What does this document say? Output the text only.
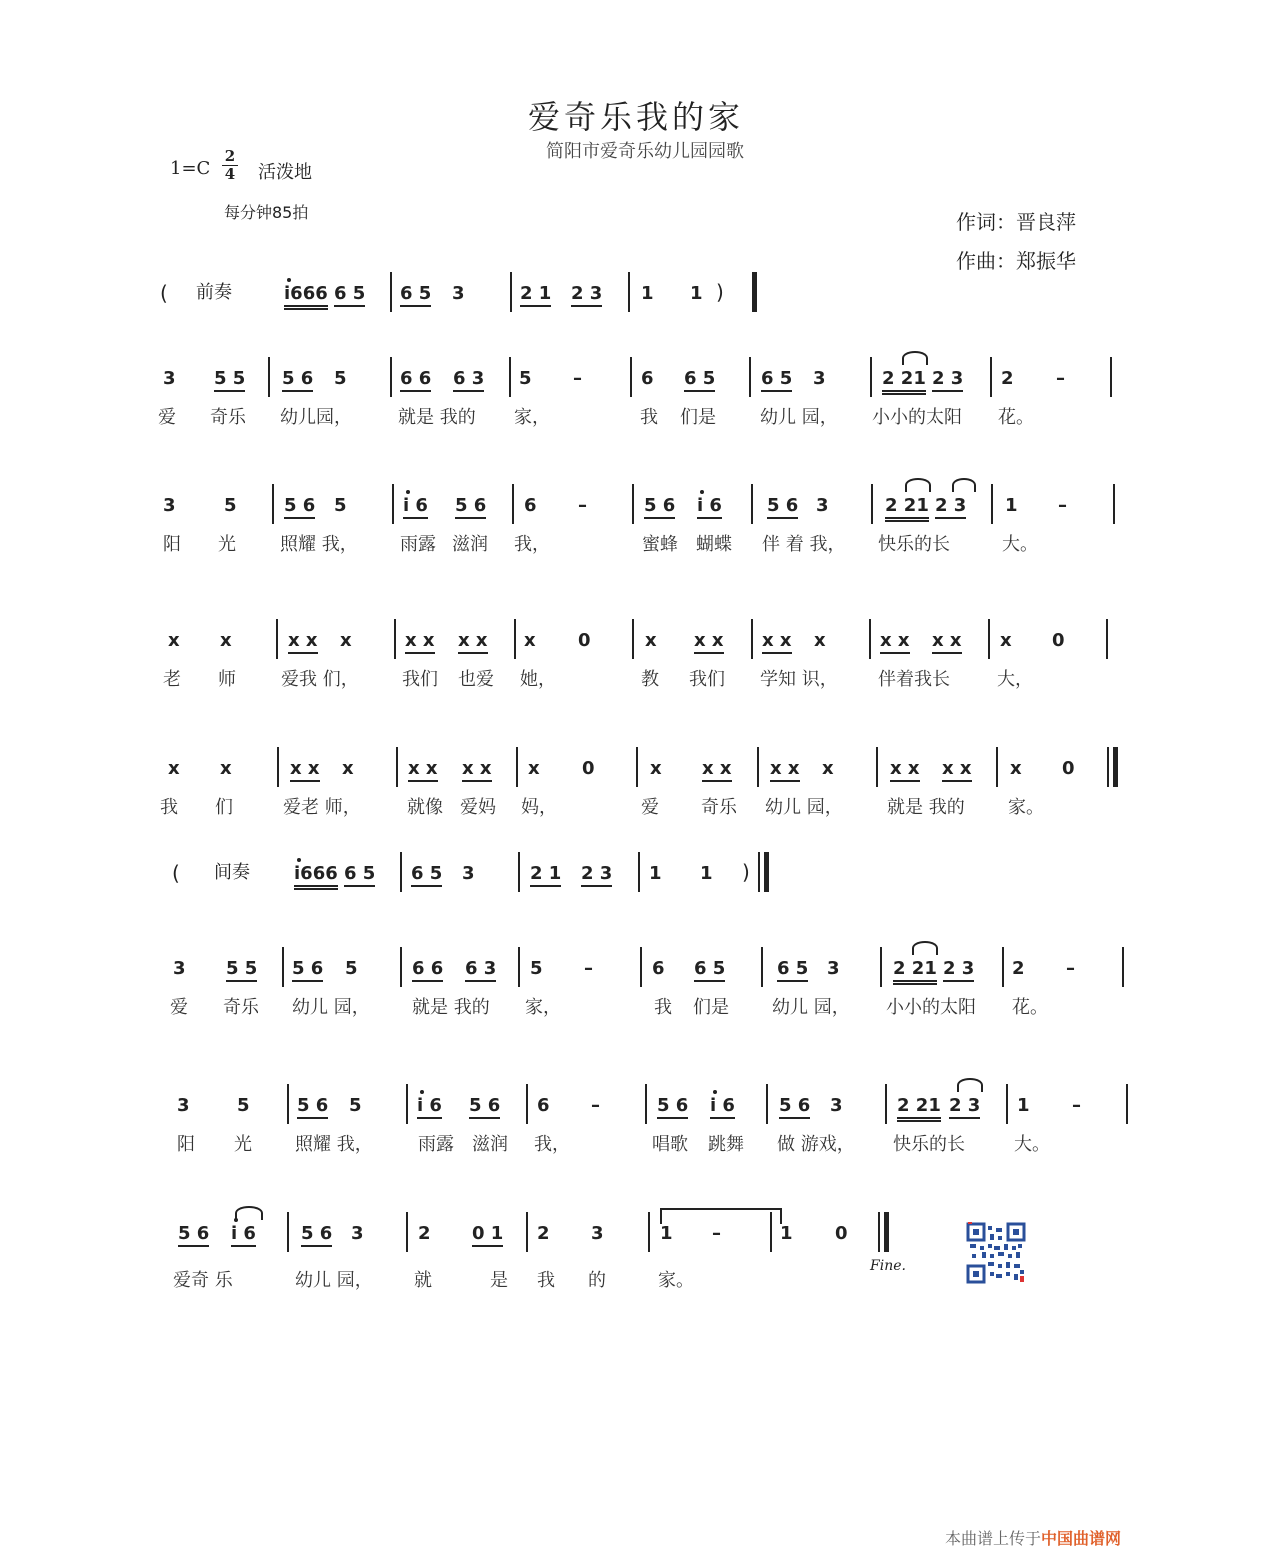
爱奇乐我的家
简阳市爱奇乐幼儿园园歌
1=C
2
4 活泼地
每分钟85拍	作词：晋良萍
作曲：郑振华
( 前奏	i666 6 5 6 5 3	2 1 2 3 1 1 )
3 5 5 5 6 5	6 6 6 3 5 –	6 6 5	6 5 3	2 21 2 3 2 –
爱 奇乐 幼儿园，	就是 我的 家，	我 们是 幼儿 园， 小小的太阳 花。
3	5	5 6 5	i 6 5 6 6 –	5 6 i 6	5 6 3	2 21 2 3 1 –
阳 光 照耀 我， 雨露 滋润 我，	蜜蜂 蝴蝶 伴 着 我， 快乐的长	大。
x x	x x x	x x x x x 0	x x x x x x	x x x x x 0
老 师	爱我 们， 我们 也爱 她，	教 我们 学知 识， 伴着我长	大，
x x	x x x	x x x x x 0	x x x x x x	x x x x x 0
我 们	爱老 师，	就像 爱妈 妈，	爱 奇乐 幼儿 园， 就是 我的 家。
( 间奏 i666 6 5 6 5 3	2 1 2 3 1 1 )
3 5 5 5 6 5	6 6 6 3 5 –	6 6 5	6 5 3	2 21 2 3 2 –
爱 奇乐 幼儿 园， 就是 我的 家，	我 们是 幼儿 园， 小小的太阳 花。
3	5	5 6 5	i 6 5 6 6 –	5 6 i 6 5 6 3	2 21 2 3 1 –
阳 光 照耀 我，	雨露 滋润 我，	唱歌 跳舞 做 游戏， 快乐的长	大。
5 6 i 6	5 6 3	2 0 1 2 3	1 –	1 0
爱奇 乐	幼儿 园， 就	是 我 的	家。
Fine.
本曲谱上传于中国曲谱网
